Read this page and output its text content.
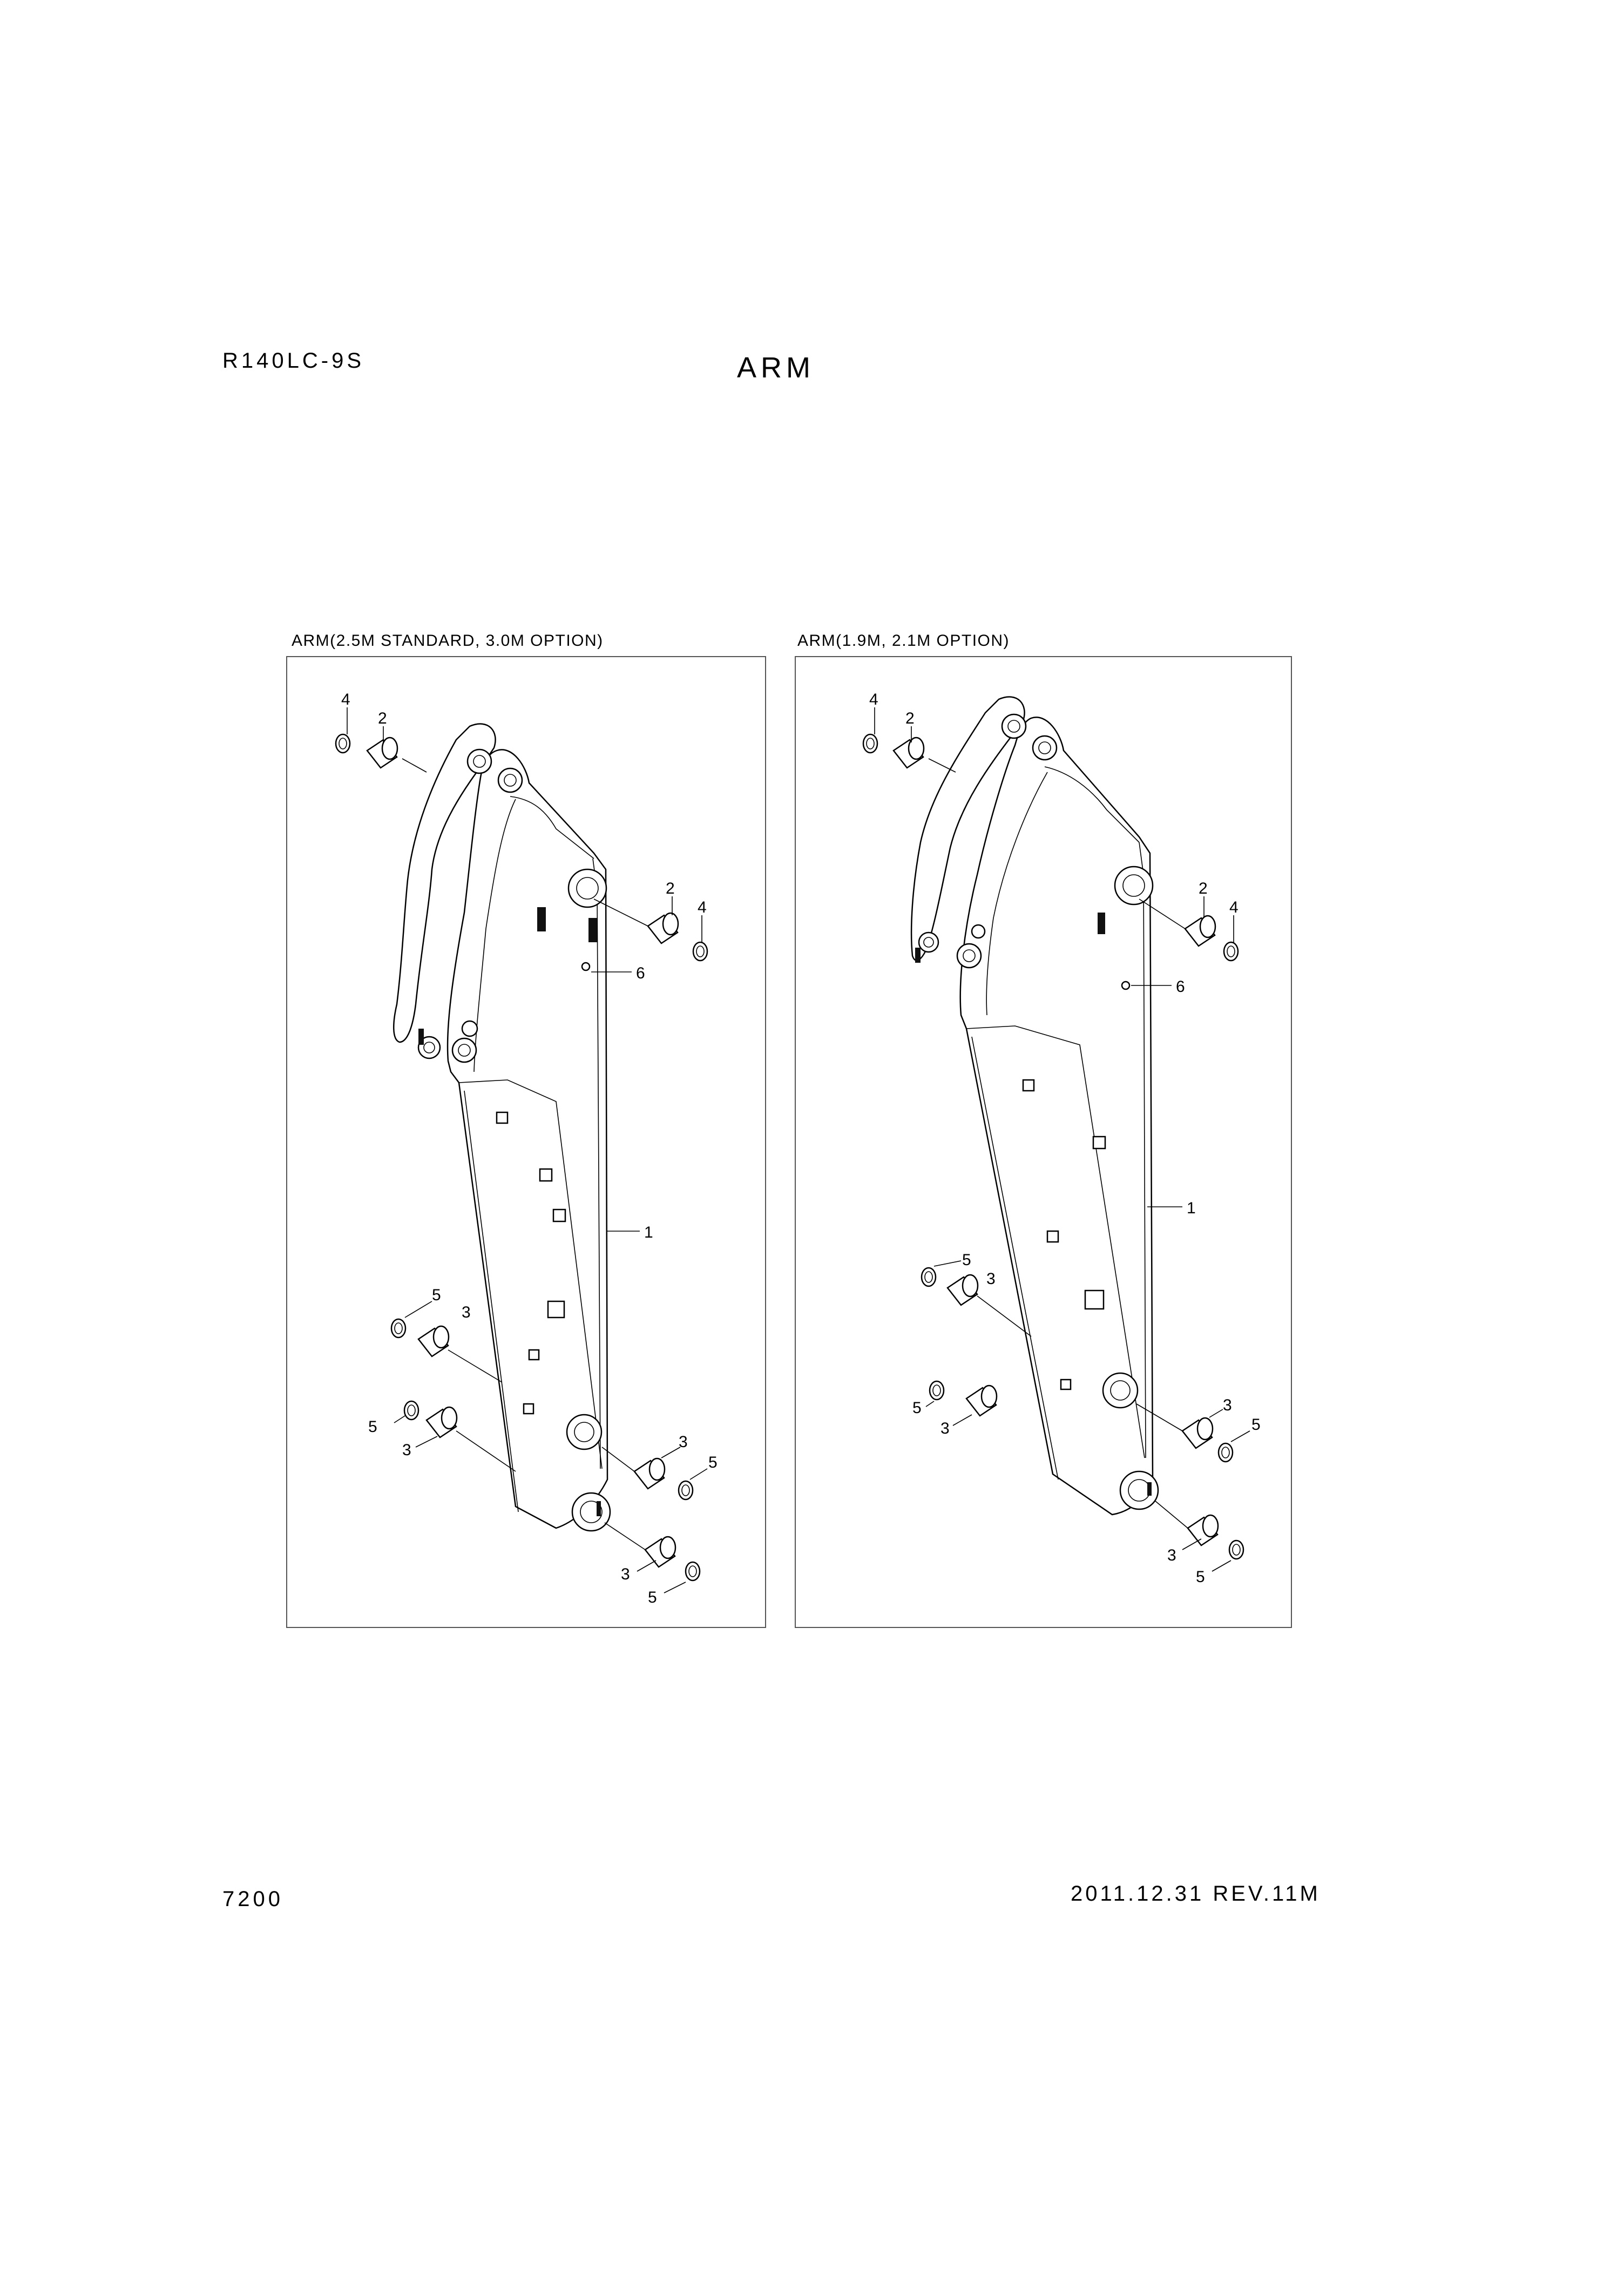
R140LC-9S	ARM
ARM(2.5M STANDARD, 3.0M OPTION)	ARM(1.9M, 2.1M OPTION)
4
2
2
4
6
1
5
3
5
3	3
5
3
5
4
2
2
4
6
1
5
3
5
3
3
5
3
5
7200	2011.12.31 REV.11M
